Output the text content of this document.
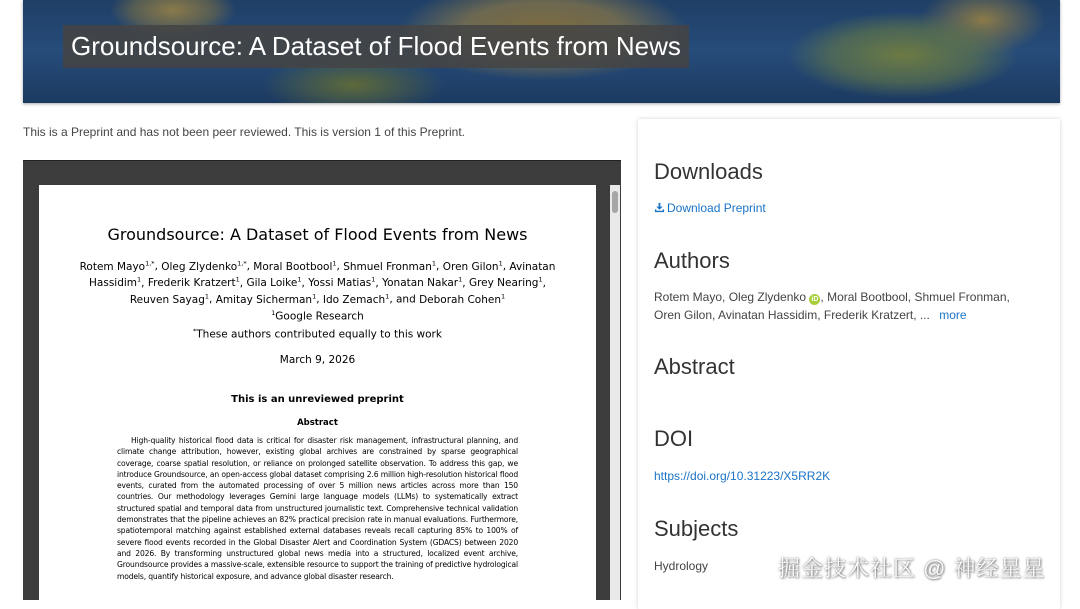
Groundsource: A Dataset of Flood Events from News
This is a Preprint and has not been peer reviewed. This is version 1 of this Preprint.
Groundsource: A Dataset of Flood Events from News
Rotem Mayo$^{1,*}$, Oleg Zlydenko$^{1,*}$, Moral Bootbool$^1$, Shmuel Fronman$^1$, Oren Gilon$^1$, Avinatan Hassidim$^1$, Frederik Kratzert$^1$, Gila Loike$^1$, Yossi Matias$^1$, Yonatan Nakar$^1$, Grey Nearing$^1$, Reuven Sayag$^1$, Amitay Sicherman$^1$, Ido Zemach$^1$, and Deborah Cohen$^1$
$^1$Google Research
*These authors contributed equally to this work
March 9, 2026
This is an unreviewed preprint
Abstract
High-quality historical flood data is critical for disaster risk management, infrastructural planning, and climate change attribution, however, existing global archives are constrained by sparse geographical coverage, coarse spatial resolution, or reliance on prolonged satellite observation. To address this gap, we introduce Groundsource, an open-access global dataset comprising 2.6 million high-resolution historical flood events, curated from the automated processing of over 5 million news articles across more than 150 countries. Our methodology leverages Gemini large language models (LLMs) to systematically extract structured spatial and temporal data from unstructured journalistic text. Comprehensive technical validation demonstrates that the pipeline achieves an 82% practical precision rate in manual evaluations. Furthermore, spatiotemporal matching against established external databases reveals recall capturing 85% to 100% of severe flood events recorded in the Global Disaster Alert and Coordination System (GDACS) between 2020 and 2026. By transforming unstructured global news media into a structured, localized event archive, Groundsource provides a massive-scale, extensible resource to support the training of predictive hydrological models, quantify historical exposure, and advance global disaster research.
Downloads
Download Preprint
Authors
Rotem Mayo, Oleg Zlydenko iD , Moral Bootbool, Shmuel Fronman, Oren Gilon, Avinatan Hassidim, Frederik Kratzert, ... more
Abstract
DOI
https://doi.org/10.31223/X5RR2K
Subjects
Hydrology	掘金技术社区 @ 神经星星
